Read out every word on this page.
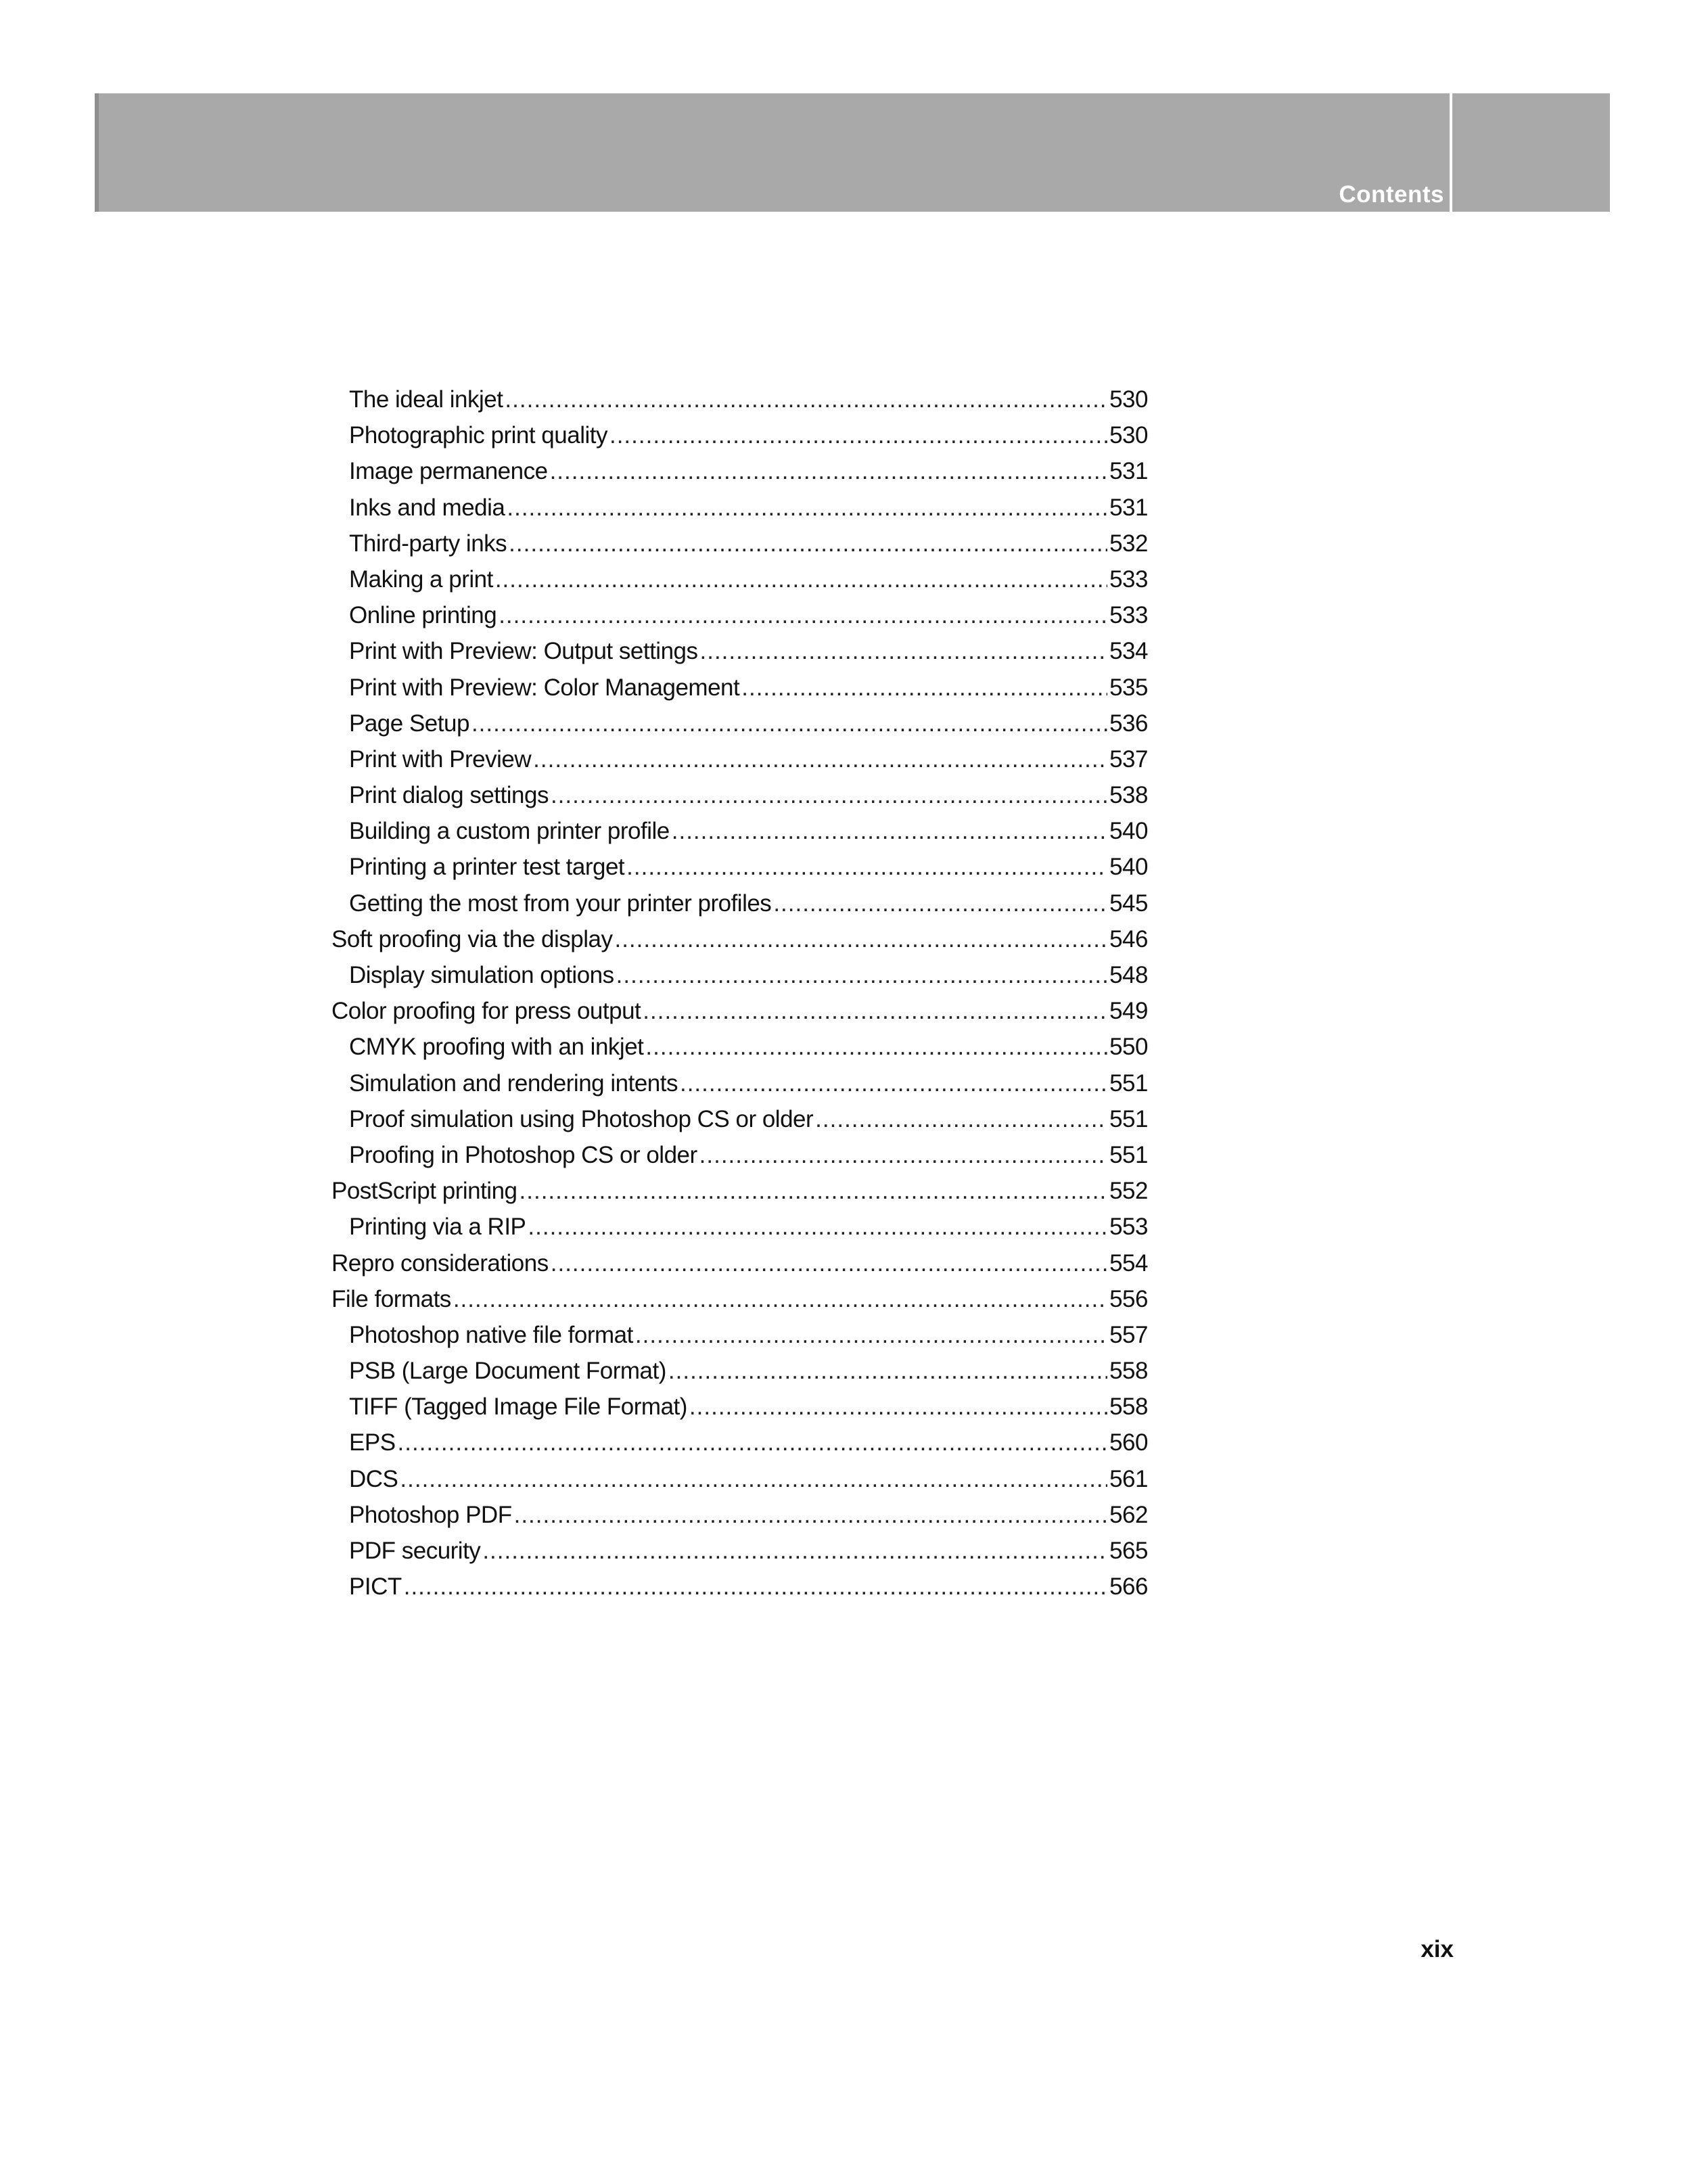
Contents
The ideal inkjet .....	530
Photographic print quality .....	530
Image permanence .....	531
Inks and media .....	531
Third-party inks .....	532
Making a print .....	533
Online printing .....	533
Print with Preview: Output settings .....	534
Print with Preview: Color Management .....	535
Page Setup .....	536
Print with Preview .....	537
Print dialog settings .....	538
Building a custom printer profile .....	540
Printing a printer test target .....	540
Getting the most from your printer profiles .....	545
Soft proofing via the display .....	546
Display simulation options .....	548
Color proofing for press output .....	549
CMYK proofing with an inkjet .....	550
Simulation and rendering intents .....	551
Proof simulation using Photoshop CS or older .....	551
Proofing in Photoshop CS or older .....	551
PostScript printing .....	552
Printing via a RIP .....	553
Repro considerations .....	554
File formats .....	556
Photoshop native file format .....	557
PSB (Large Document Format) .....	558
TIFF (Tagged Image File Format) .....	558
EPS .....	560
DCS .....	561
Photoshop PDF .....	562
PDF security .....	565
PICT .....	566
xix
